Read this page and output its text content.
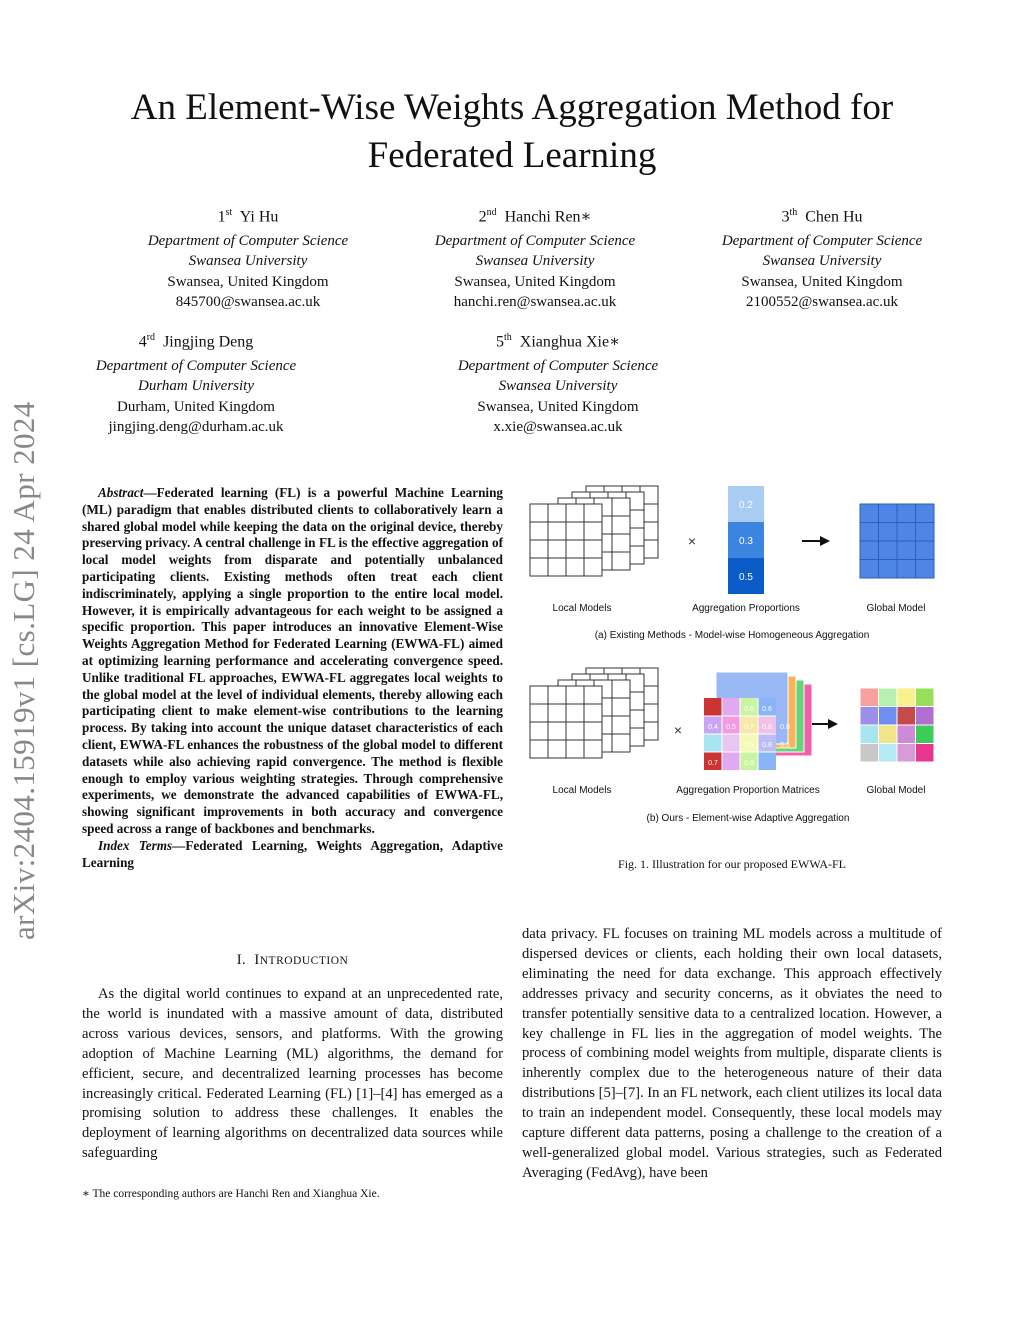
An Element-Wise Weights Aggregation Method for Federated Learning
1st Yi Hu
Department of Computer Science
Swansea University
Swansea, United Kingdom
845700@swansea.ac.uk
2nd Hanchi Ren∗
Department of Computer Science
Swansea University
Swansea, United Kingdom
hanchi.ren@swansea.ac.uk
3th Chen Hu
Department of Computer Science
Swansea University
Swansea, United Kingdom
2100552@swansea.ac.uk
4rd Jingjing Deng
Department of Computer Science
Durham University
Durham, United Kingdom
jingjing.deng@durham.ac.uk
5th Xianghua Xie∗
Department of Computer Science
Swansea University
Swansea, United Kingdom
x.xie@swansea.ac.uk
arXiv:2404.15919v1 [cs.LG] 24 Apr 2024	Abstract—Federated learning (FL) is a powerful Machine Learning (ML) paradigm that enables distributed clients to collaboratively learn a shared global model while keeping the data on the original device, thereby preserving privacy. A central challenge in FL is the effective aggregation of local model weights from disparate and potentially unbalanced participating clients. Existing methods often treat each client indiscriminately, applying a single proportion to the entire local model. However, it is empirically advantageous for each weight to be assigned a specific proportion. This paper introduces an innovative Element-Wise Weights Aggregation Method for Federated Learning (EWWA-FL) aimed at optimizing learning performance and accelerating convergence speed. Unlike traditional FL approaches, EWWA-FL aggregates local weights to the global model at the level of individual elements, thereby allowing each participating client to make element-wise contributions to the learning process. By taking into account the unique dataset characteristics of each client, EWWA-FL enhances the robustness of the global model to different datasets while also achieving rapid convergence. The method is flexible enough to employ various weighting strategies. Through comprehensive experiments, we demonstrate the advanced capabilities of EWWA-FL, showing significant improvements in both accuracy and convergence speed across a range of backbones and benchmarks.
Index Terms—Federated Learning, Weights Aggregation, Adaptive Learning
I. INTRODUCTION

As the digital world continues to expand at an unprecedented rate, the world is inundated with a massive amount of data, distributed across various devices, sensors, and platforms. With the growing adoption of Machine Learning (ML) algorithms, the demand for efficient, secure, and decentralized learning processes has become increasingly critical. Federated Learning (FL) [1]–[4] has emerged as a promising solution to address these challenges. It enables the deployment of learning algorithms on decentralized data sources while safeguarding

∗ The corresponding authors are Hanchi Ren and Xianghua Xie.
×
0.2
0.3
0.5
Local Models	Aggregation Proportions	Global Model
(a) Existing Methods - Model-wise Homogeneous Aggregation
×
0.6
0.4 0.5 0.7 0.8
0.6 0.8
0.7	0.9
0.6
0.8
0.5
Local Models	Aggregation Proportion Matrices	Global Model
(b) Ours - Element-wise Adaptive Aggregation
Fig. 1. Illustration for our proposed EWWA-FL

data privacy. FL focuses on training ML models across a multitude of dispersed devices or clients, each holding their own local datasets, eliminating the need for data exchange. This approach effectively addresses privacy and security concerns, as it obviates the need to transfer potentially sensitive data to a centralized location. However, a key challenge in FL lies in the aggregation of model weights. The process of combining model weights from multiple, disparate clients is inherently complex due to the heterogeneous nature of their data distributions [5]–[7]. In an FL network, each client utilizes its local data to train an independent model. Consequently, these local models may capture different data patterns, posing a challenge to the creation of a well-generalized global model. Various strategies, such as Federated Averaging (FedAvg), have been
